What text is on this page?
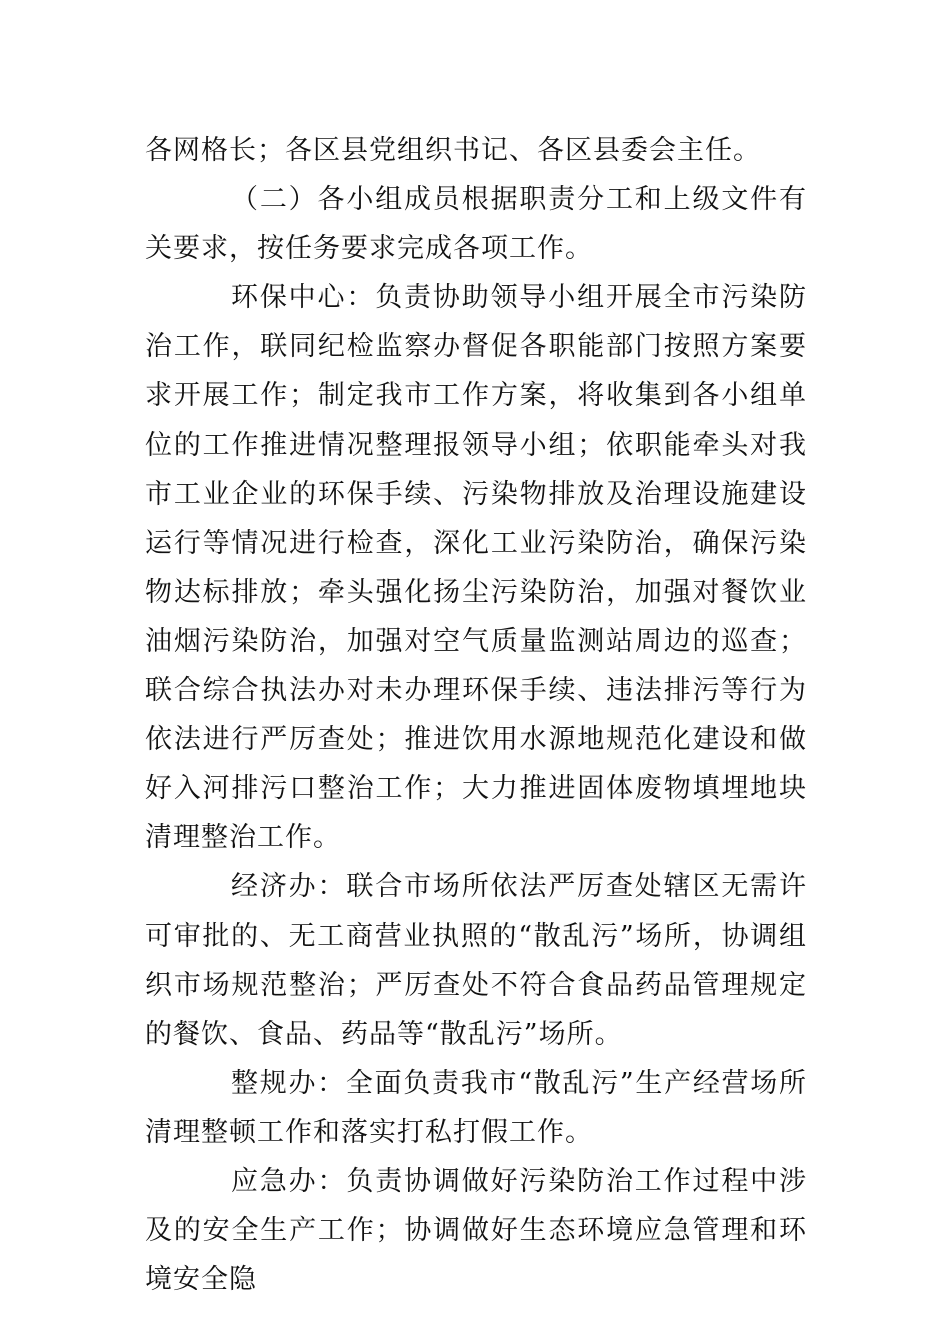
各网格长；各区县党组织书记、各区县委会主任。

（二）各小组成员根据职责分工和上级文件有关要求，按任务要求完成各项工作。

环保中心：负责协助领导小组开展全市污染防治工作，联同纪检监察办督促各职能部门按照方案要求开展工作；制定我市工作方案，将收集到各小组单位的工作推进情况整理报领导小组；依职能牵头对我市工业企业的环保手续、污染物排放及治理设施建设运行等情况进行检查，深化工业污染防治，确保污染物达标排放；牵头强化扬尘污染防治，加强对餐饮业油烟污染防治，加强对空气质量监测站周边的巡查；联合综合执法办对未办理环保手续、违法排污等行为依法进行严厉查处；推进饮用水源地规范化建设和做好入河排污口整治工作；大力推进固体废物填埋地块清理整治工作。

经济办：联合市场所依法严厉查处辖区无需许可审批的、无工商营业执照的“散乱污”场所，协调组织市场规范整治；严厉查处不符合食品药品管理规定的餐饮、食品、药品等“散乱污”场所。

整规办：全面负责我市“散乱污”生产经营场所清理整顿工作和落实打私打假工作。

应急办：负责协调做好污染防治工作过程中涉及的安全生产工作；协调做好生态环境应急管理和环境安全隐
